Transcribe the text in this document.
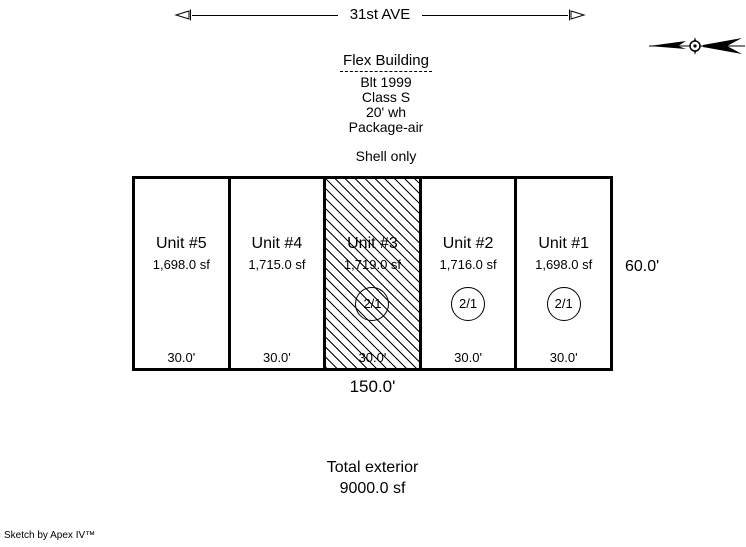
31st AVE
Flex Building
Blt 1999
Class S
20' wh
Package-air
Shell only
Unit #5
1,698.0 sf
30.0'
Unit #4
1,715.0 sf
30.0'
Unit #3
1,719.0 sf
2/1
30.0'
Unit #2
1,716.0 sf
2/1
30.0'
Unit #1
1,698.0 sf
2/1
30.0'
60.0'
150.0'
Total exterior
9000.0 sf
Sketch by Apex IV™
